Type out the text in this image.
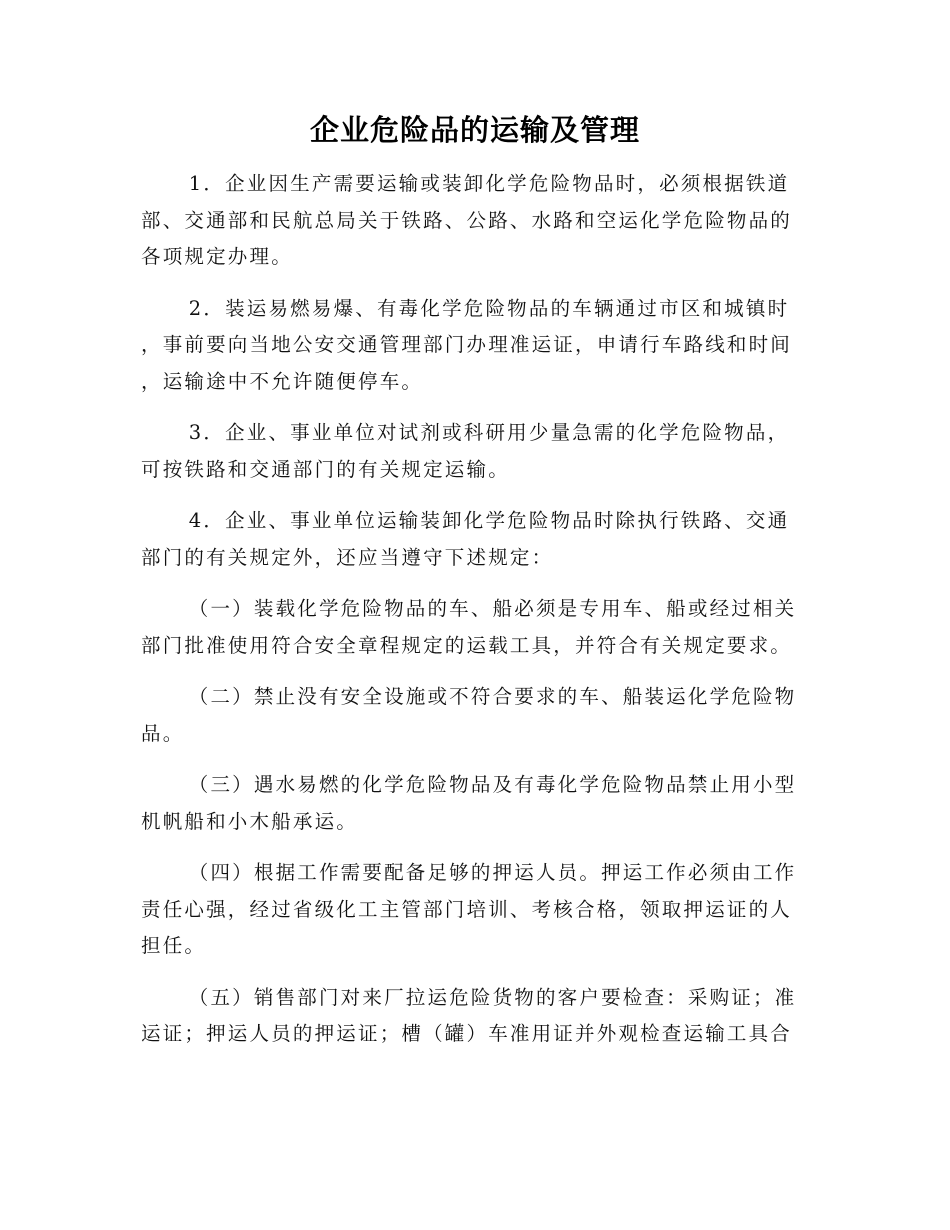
企业危险品的运输及管理

1．企业因生产需要运输或装卸化学危险物品时，必须根据铁道部、交通部和民航总局关于铁路、公路、水路和空运化学危险物品的各项规定办理。

2．装运易燃易爆、有毒化学危险物品的车辆通过市区和城镇时，事前要向当地公安交通管理部门办理准运证，申请行车路线和时间，运输途中不允许随便停车。

3．企业、事业单位对试剂或科研用少量急需的化学危险物品，可按铁路和交通部门的有关规定运输。

4．企业、事业单位运输装卸化学危险物品时除执行铁路、交通部门的有关规定外，还应当遵守下述规定：

（一）装载化学危险物品的车、船必须是专用车、船或经过相关部门批准使用符合安全章程规定的运载工具，并符合有关规定要求。

（二）禁止没有安全设施或不符合要求的车、船装运化学危险物品。

（三）遇水易燃的化学危险物品及有毒化学危险物品禁止用小型机帆船和小木船承运。

（四）根据工作需要配备足够的押运人员。押运工作必须由工作责任心强，经过省级化工主管部门培训、考核合格，领取押运证的人担任。

（五）销售部门对来厂拉运危险货物的客户要检查：采购证；准运证；押运人员的押运证；槽（罐）车准用证并外观检查运输工具合
